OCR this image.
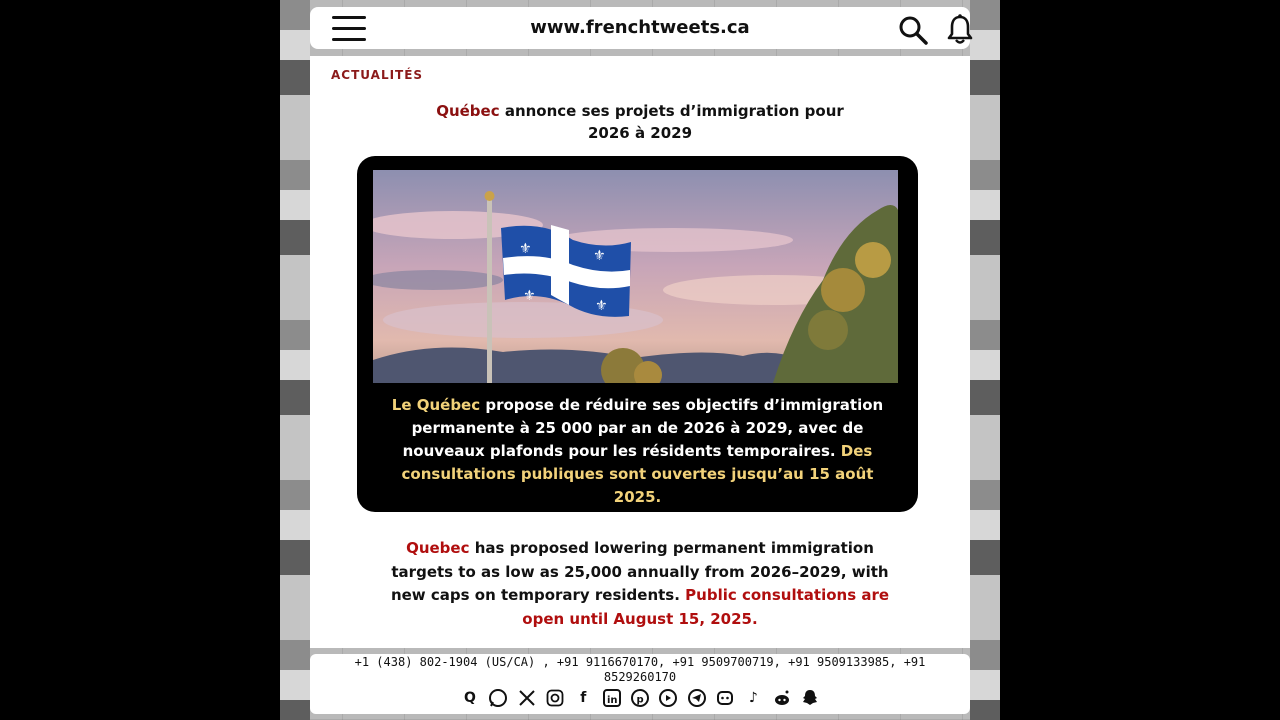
www.frenchtweets.ca
ACTUALITÉS
Québec annonce ses projets d’immigration pour 2026 à 2029
⚜	⚜
⚜
⚜
Le Québec propose de réduire ses objectifs d’immigration permanente à 25 000 par an de 2026 à 2029, avec de nouveaux plafonds pour les résidents temporaires. Des consultations publiques sont ouvertes jusqu’au 15 août 2025.
Quebec has proposed lowering permanent immigration targets to as low as 25,000 annually from 2026–2029, with new caps on temporary residents. Public consultations are open until August 15, 2025.
+1 (438) 802-1904 (US/CA) , +91 9116670170, +91 9509700719, +91 9509133985, +91 8529260170
Q	f	in p	♪
